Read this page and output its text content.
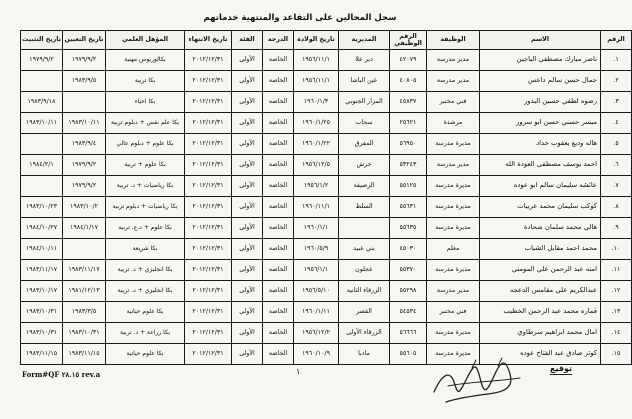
سجل المحالين على التقاعد والمنتهية خدماتهم
الرقم	الاسم	الوظيفة	الرقم الوظيفي	المديرية	تاريخ الولادة	الدرجة	الفئة	تاريخ الانتهاء	المؤهل العلمي	تاريخ التعيين	تاريخ التثبيت
١.	ناصر مبارك مصطفى الياجين	مدير مدرسة	٤٢٠٧٩	دير علا	١٩٥٦/١١/١	الخاصة	الأولى	٢٠١٢/١٢/٣١	بكالوريوس مهنية	١٩٧٩/٩/٢	١٩٧٩/٩/٢
٢.	جمال حسن سالم داعس	مدير مدرسة	٤٠٨٠٥	عين الباشا	١٩٥٦/١١/١	الخاصة	الأولى	٢٠١٢/١٢/٣١	بكا تربية	١٩٨٣/٩/٥	
٣.	رضوه لطفي حسين البدور	فني مختبر	٤٥٨٣٧	المزار الجنوبي	١٩٦٠/١/٣	الخاصة	الأولى	٢٠١٢/١٢/٣١	بكا احياء		١٩٨٣/٩/١٨
٤.	ميسر حسني حسن ابو سرور	مرشدة	٢٥٦٢١	سحاب	١٩٦٠/١/٢٥	الخاصة	الأولى	٢٠١٢/١٢/٣١	بكا علم نفس + دبلوم تربية	١٩٨٣/١٠/١١	١٩٨٣/١٠/١١
٥.	هاله وديع يعقوب حداد	مديرة مدرسة	٥٦٩٥٠	المفرق	١٩٦٠/١/٢٢	الخاصة	الأولى	٢٠١٢/١٢/٣١	بكا علوم + دبلوم عالي	١٩٨٣/٩/٤	
٦.	احمد يوسف مصطفى العودة الله	مدير مدرسة	٥٣٢٤٣	جرش	١٩٥٦/١٢/٥	الخاصة	الأولى	٢٠١٢/١٢/٣١	بكا علوم + تربية	١٩٧٩/٩/٢	١٩٨٤/٢/١
٧.	عائشه سليمان سالم ابو عوده	مديرة مدرسة	٥٥١٢٥	الرصيفة	١٩٥٦/١/٢	الخاصة	الأولى	٢٠١٢/١٢/٣١	بكا رياضيات + د. تربية	١٩٧٩/٩/٢	
٨.	كوكب سليمان محمد عربيات	مديرة مدرسة	٥٥٦٣١	السلط	١٩٦٠/١١/١	الخاصة	الأولى	٢٠١٢/١٢/٣١	بكا رياضيات + دبلوم تربية	١٩٨٣/١٠/٢	١٩٨٣/١٠/٢٣
٩.	هالي محمد سلمان شحادة	مديرة مدرسة	٥٥٦٣٥		١٩٦٠/١/١	الخاصة	الأولى	٢٠١٢/١٢/٣١	بكا علوم + د.ع. تربية	١٩٨٤/١/١٧	١٩٨٤/١٠/٢٧
١٠.	محمد احمد مقابل الشياب	معلم	٤٥٠٣٠	بني عبيد	١٩٦٠/٥/٩	الخاصة	الأولى	٢٠١٢/١٢/٣١	بكا شريعة		١٩٨٤/١٠/١١
١١.	امنه عبد الرحمن علي المومني	مديرة مدرسة	٥٥٣٧٠	عجلون	١٩٥٦/١/١	الخاصة	الأولى	٢٠١٢/١٢/٣١	بكا انجليزي + د. تربية	١٩٨٣/١١/١٧	١٩٨٣/١١/١٧
١٢.	عبدالكريم علي مقامس الدعجه	مدير مدرسة	٥٥٢٩٨	الزرقاء الثانية	١٩٥٦/٥/١٠	الخاصة	الأولى	٢٠١٢/١٢/٣١	بكا انجليزي + د. تربية	١٩٨١/١٢/١٣	١٩٨٣/١٠/١٧
١٣.	قماره محمد عبد الرحمن الخطيب	فني مختبر	٥٤٥٣٤	القصر	١٩٦٠/١/١١	الخاصة	الأولى	٢٠١٢/١٢/٣١	بكا علوم حياتية	١٩٨٣/٣/٥	١٩٨٣/١٠/٣١
١٤.	امال محمد ابراهيم سرطاوي	مديرة مدرسة	٥٦٦٦٦	الزرقاء الأولى	١٩٥٦/١٢/٢	الخاصة	الأولى	٢٠١٢/١٢/٣١	بكا زراعة + د. تربية	١٩٨٣/١٠/٣١	١٩٨٣/١٠/٣١
١٥.	كوثر صادق عبد الفتاح عوده	مديرة مدرسة	٥٥٦٠٥	مادبا	١٩٦٠/١٠/٩	الخاصة	الأولى	٢٠١٢/١٢/٣١	بكا علوم حياتية	١٩٨٣/١١/١٥	١٩٨٣/١١/١٥
Form#QF ٢٨.١٥ rev.a	١	توقيع
